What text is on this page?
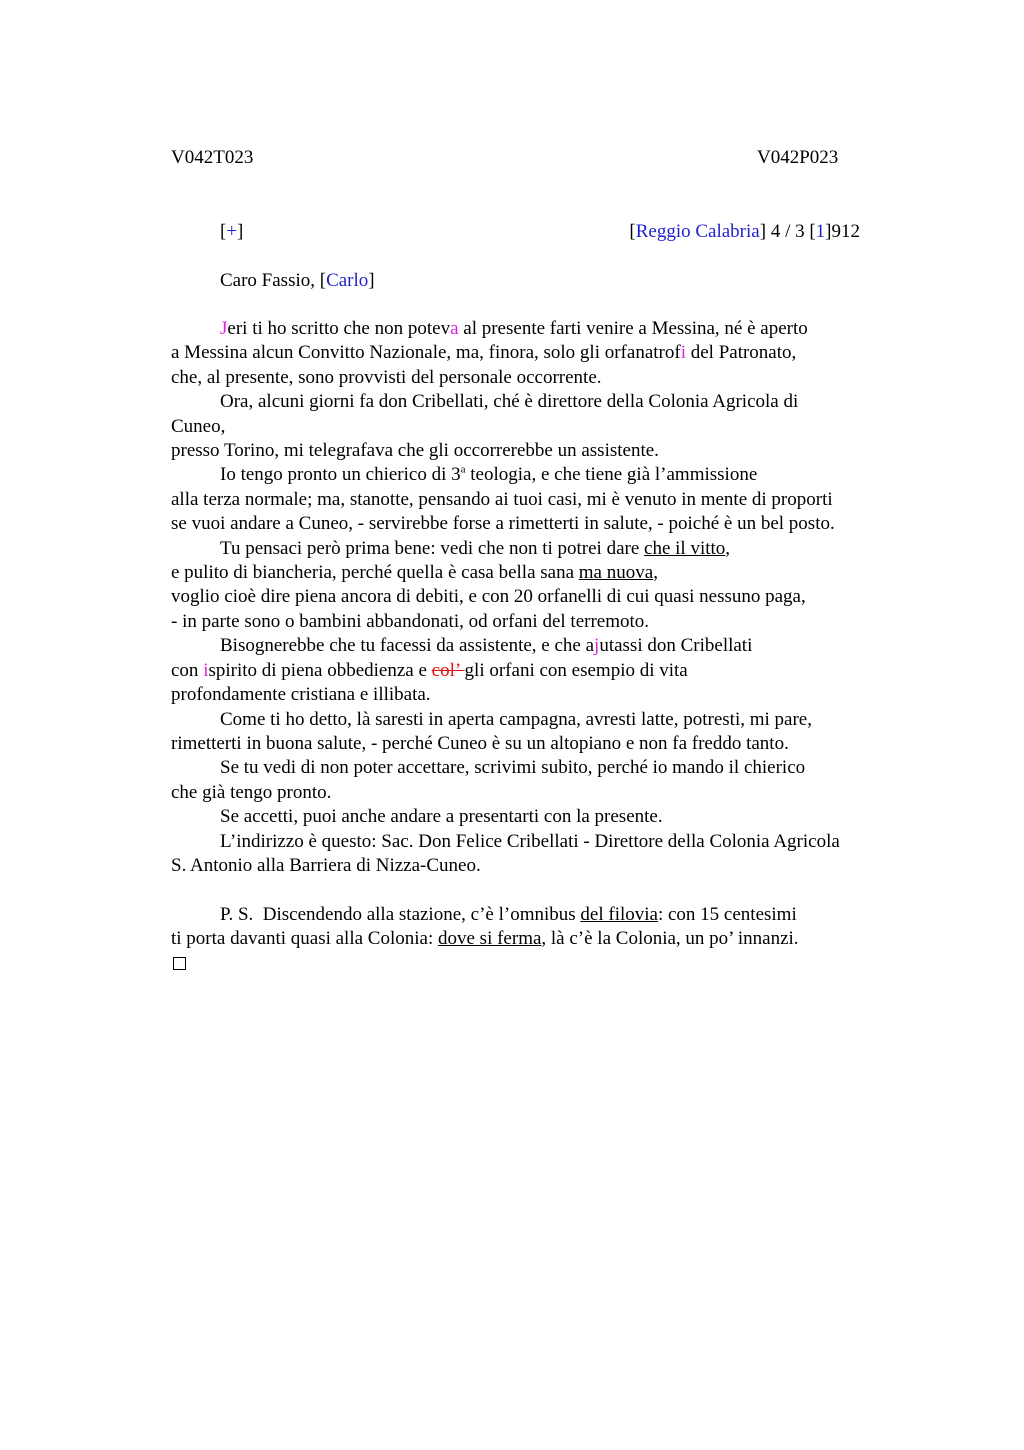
V042T023	V042P023
[+]	[Reggio Calabria] 4 / 3 [1]912
Caro Fassio, [Carlo]
Jeri ti ho scritto che non poteva al presente farti venire a Messina, né è aperto
a Messina alcun Convitto Nazionale, ma, finora, solo gli orfanatrofi del Patronato,
che, al presente, sono provvisti del personale occorrente.
Ora, alcuni giorni fa don Cribellati, ché è direttore della Colonia Agricola di
Cuneo,
presso Torino, mi telegrafava che gli occorrerebbe un assistente.
Io tengo pronto un chierico di 3$^a$ teologia, e che tiene già l’ammissione
alla terza normale; ma, stanotte, pensando ai tuoi casi, mi è venuto in mente di proporti
se vuoi andare a Cuneo, - servirebbe forse a rimetterti in salute, - poiché è un bel posto.
Tu pensaci però prima bene: vedi che non ti potrei dare che il vitto,
e pulito di biancheria, perché quella è casa bella sana ma nuova,
voglio cioè dire piena ancora di debiti, e con 20 orfanelli di cui quasi nessuno paga,
- in parte sono o bambini abbandonati, od orfani del terremoto.
Bisognerebbe che tu facessi da assistente, e che ajutassi don Cribellati
con ispirito di piena obbedienza e col’ gli orfani con esempio di vita
profondamente cristiana e illibata.
Come ti ho detto, là saresti in aperta campagna, avresti latte, potresti, mi pare,
rimetterti in buona salute, - perché Cuneo è su un altopiano e non fa freddo tanto.
Se tu vedi di non poter accettare, scrivimi subito, perché io mando il chierico
che già tengo pronto.
Se accetti, puoi anche andare a presentarti con la presente.
L’indirizzo è questo: Sac. Don Felice Cribellati - Direttore della Colonia Agricola
S. Antonio alla Barriera di Nizza-Cuneo.
P. S.  Discendendo alla stazione, c’è l’omnibus del filovia: con 15 centesimi
ti porta davanti quasi alla Colonia: dove si ferma, là c’è la Colonia, un po’ innanzi.
